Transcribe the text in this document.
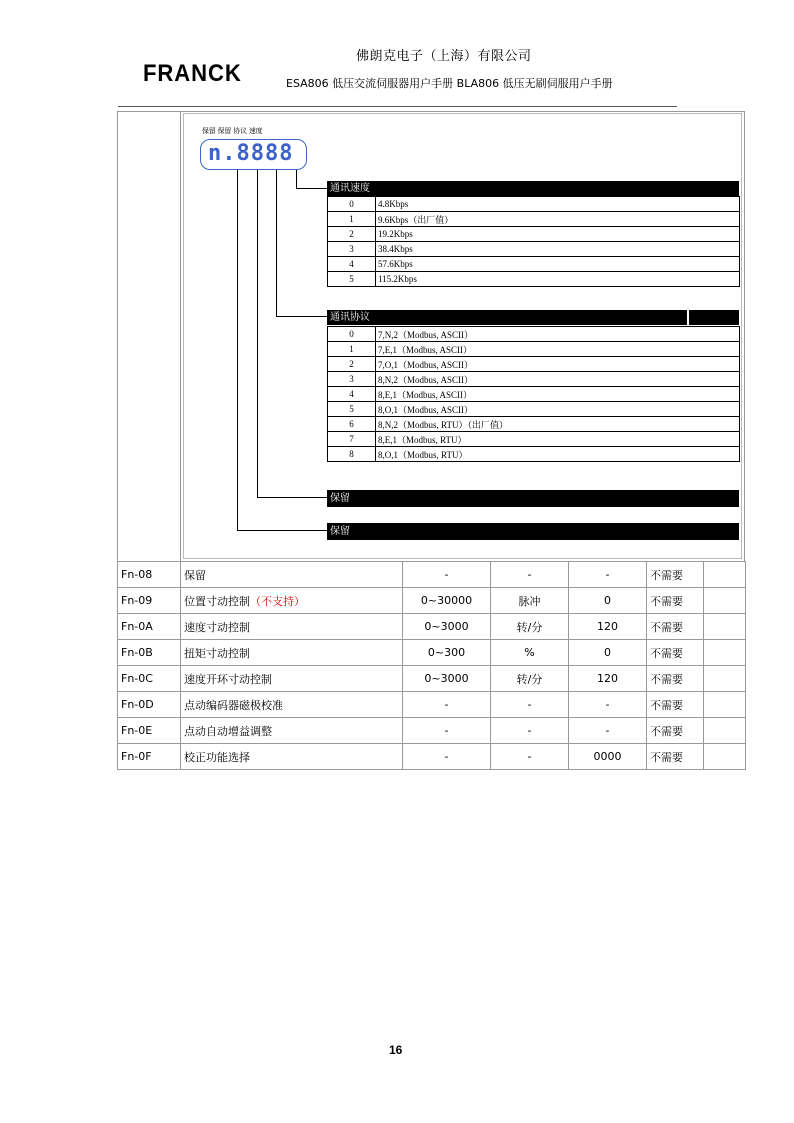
FRANCK
佛朗克电子（上海）有限公司
ESA806 低压交流伺服器用户手册 BLA806 低压无刷伺服用户手册
保留 保留 协议 速度
n.8888
通讯速度
0	4.8Kbps
1	9.6Kbps（出厂值）
2	19.2Kbps
3	38.4Kbps
4	57.6Kbps
5	115.2Kbps
通讯协议
0	7,N,2（Modbus, ASCII）
1	7,E,1（Modbus, ASCII）
2	7,O,1（Modbus, ASCII）
3	8,N,2（Modbus, ASCII）
4	8,E,1（Modbus, ASCII）
5	8,O,1（Modbus, ASCII）
6	8,N,2（Modbus, RTU）（出厂值）
7	8,E,1（Modbus, RTU）
8	8,O,1（Modbus, RTU）
保留
保留
Fn-08	保留	-	-	-	不需要	
Fn-09	位置寸动控制（不支持）	0~30000	脉冲	0	不需要	
Fn-0A	速度寸动控制	0~3000	转/分	120	不需要	
Fn-0B	扭矩寸动控制	0~300	%	0	不需要	
Fn-0C	速度开环寸动控制	0~3000	转/分	120	不需要	
Fn-0D	点动编码器磁极校准	-	-	-	不需要	
Fn-0E	点动自动增益调整	-	-	-	不需要	
Fn-0F	校正功能选择	-	-	0000	不需要	
16
